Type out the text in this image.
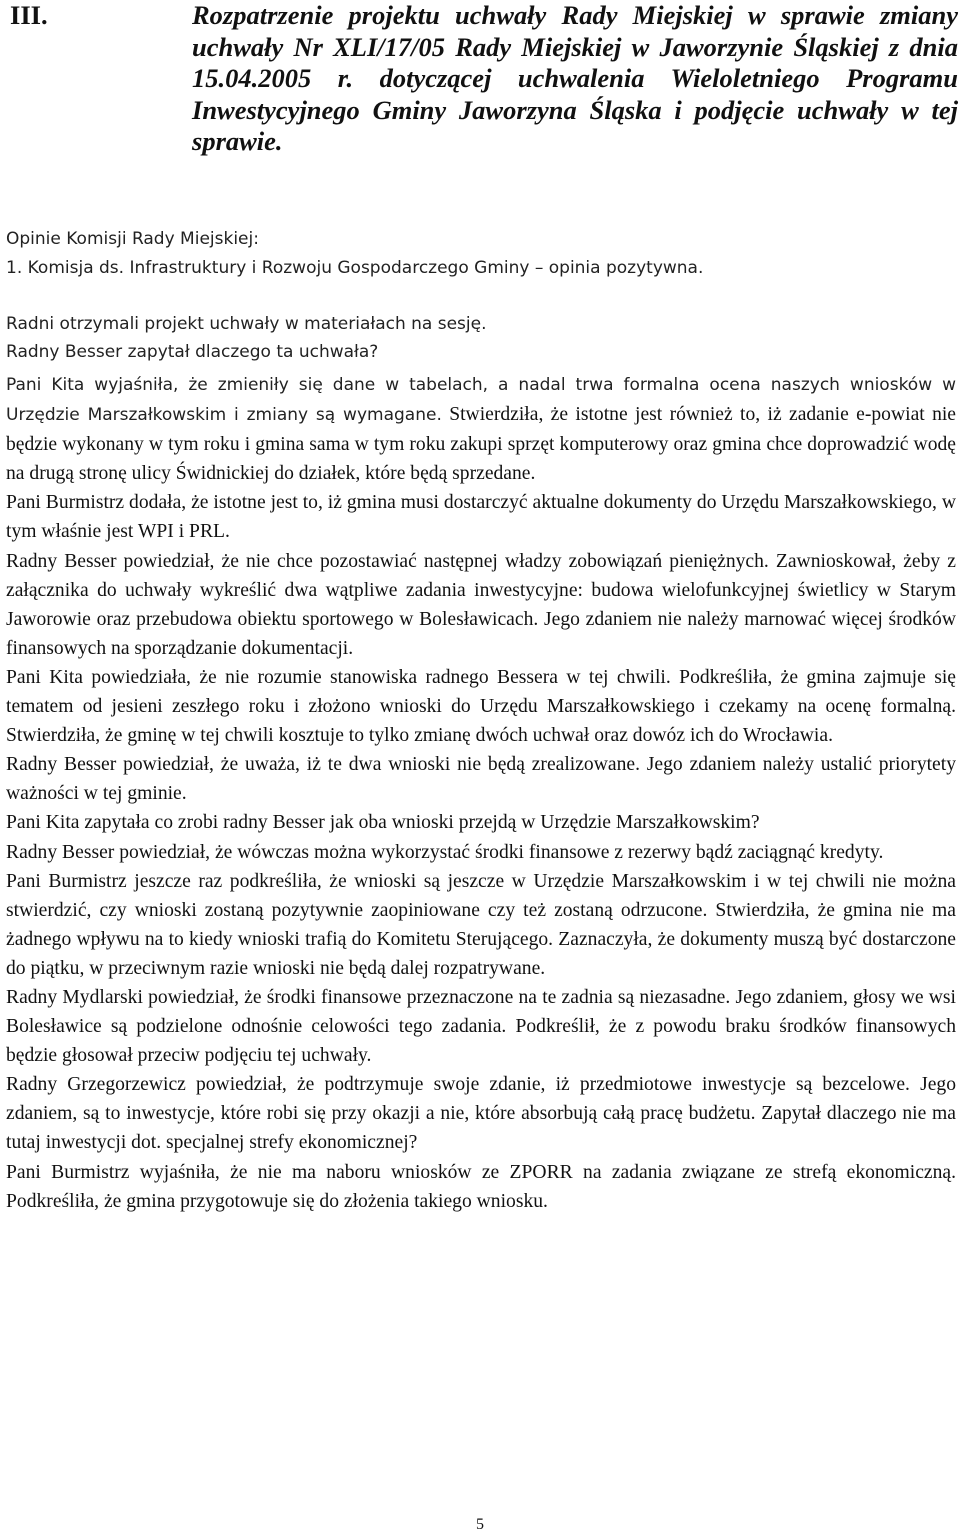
III.	Rozpatrzenie projektu uchwały Rady Miejskiej w sprawie zmiany uchwały Nr XLI/17/05 Rady Miejskiej w Jaworzynie Śląskiej z dnia 15.04.2005 r. dotyczącej uchwalenia Wieloletniego Programu Inwestycyjnego Gminy Jaworzyna Śląska i podjęcie uchwały w tej sprawie.
Opinie Komisji Rady Miejskiej:
1. Komisja ds. Infrastruktury i Rozwoju Gospodarczego Gminy – opinia pozytywna.
Radni otrzymali projekt uchwały w materiałach na sesję.
Radny Besser zapytał dlaczego ta uchwała?

Pani Kita wyjaśniła, że zmieniły się dane w tabelach, a nadal trwa formalna ocena naszych wniosków w Urzędzie Marszałkowskim i zmiany są wymagane. Stwierdziła, że istotne jest również to, iż zadanie e-powiat nie będzie wykonany w tym roku i gmina sama w tym roku zakupi sprzęt komputerowy oraz gmina chce doprowadzić wodę na drugą stronę ulicy Świdnickiej do działek, które będą sprzedane.

Pani Burmistrz dodała, że istotne jest to, iż gmina musi dostarczyć aktualne dokumenty do Urzędu Marszałkowskiego, w tym właśnie jest WPI i PRL.

Radny Besser powiedział, że nie chce pozostawiać następnej władzy zobowiązań pieniężnych. Zawnioskował, żeby z załącznika do uchwały wykreślić dwa wątpliwe zadania inwestycyjne: budowa wielofunkcyjnej świetlicy w Starym Jaworowie oraz przebudowa obiektu sportowego w Bolesławicach. Jego zdaniem nie należy marnować więcej środków finansowych na sporządzanie dokumentacji.

Pani Kita powiedziała, że nie rozumie stanowiska radnego Bessera w tej chwili. Podkreśliła, że gmina zajmuje się tematem od jesieni zeszłego roku i złożono wnioski do Urzędu Marszałkowskiego i czekamy na ocenę formalną. Stwierdziła, że gminę w tej chwili kosztuje to tylko zmianę dwóch uchwał oraz dowóz ich do Wrocławia.

Radny Besser powiedział, że uważa, iż te dwa wnioski nie będą zrealizowane. Jego zdaniem należy ustalić priorytety ważności w tej gminie.

Pani Kita zapytała co zrobi radny Besser jak oba wnioski przejdą w Urzędzie Marszałkowskim?

Radny Besser powiedział, że wówczas można wykorzystać środki finansowe z rezerwy bądź zaciągnąć kredyty.

Pani Burmistrz jeszcze raz podkreśliła, że wnioski są jeszcze w Urzędzie Marszałkowskim i w tej chwili nie można stwierdzić, czy wnioski zostaną pozytywnie zaopiniowane czy też zostaną odrzucone. Stwierdziła, że gmina nie ma żadnego wpływu na to kiedy wnioski trafią do Komitetu Sterującego. Zaznaczyła, że dokumenty muszą być dostarczone do piątku, w przeciwnym razie wnioski nie będą dalej rozpatrywane.

Radny Mydlarski powiedział, że środki finansowe przeznaczone na te zadnia są niezasadne. Jego zdaniem, głosy we wsi Bolesławice są podzielone odnośnie celowości tego zadania. Podkreślił, że z powodu braku środków finansowych będzie głosował przeciw podjęciu tej uchwały.

Radny Grzegorzewicz powiedział, że podtrzymuje swoje zdanie, iż przedmiotowe inwestycje są bezcelowe. Jego zdaniem, są to inwestycje, które robi się przy okazji a nie, które absorbują całą pracę budżetu. Zapytał dlaczego nie ma tutaj inwestycji dot. specjalnej strefy ekonomicznej?

Pani Burmistrz wyjaśniła, że nie ma naboru wniosków ze ZPORR na zadania związane ze strefą ekonomiczną. Podkreśliła, że gmina przygotowuje się do złożenia takiego wniosku.

5
